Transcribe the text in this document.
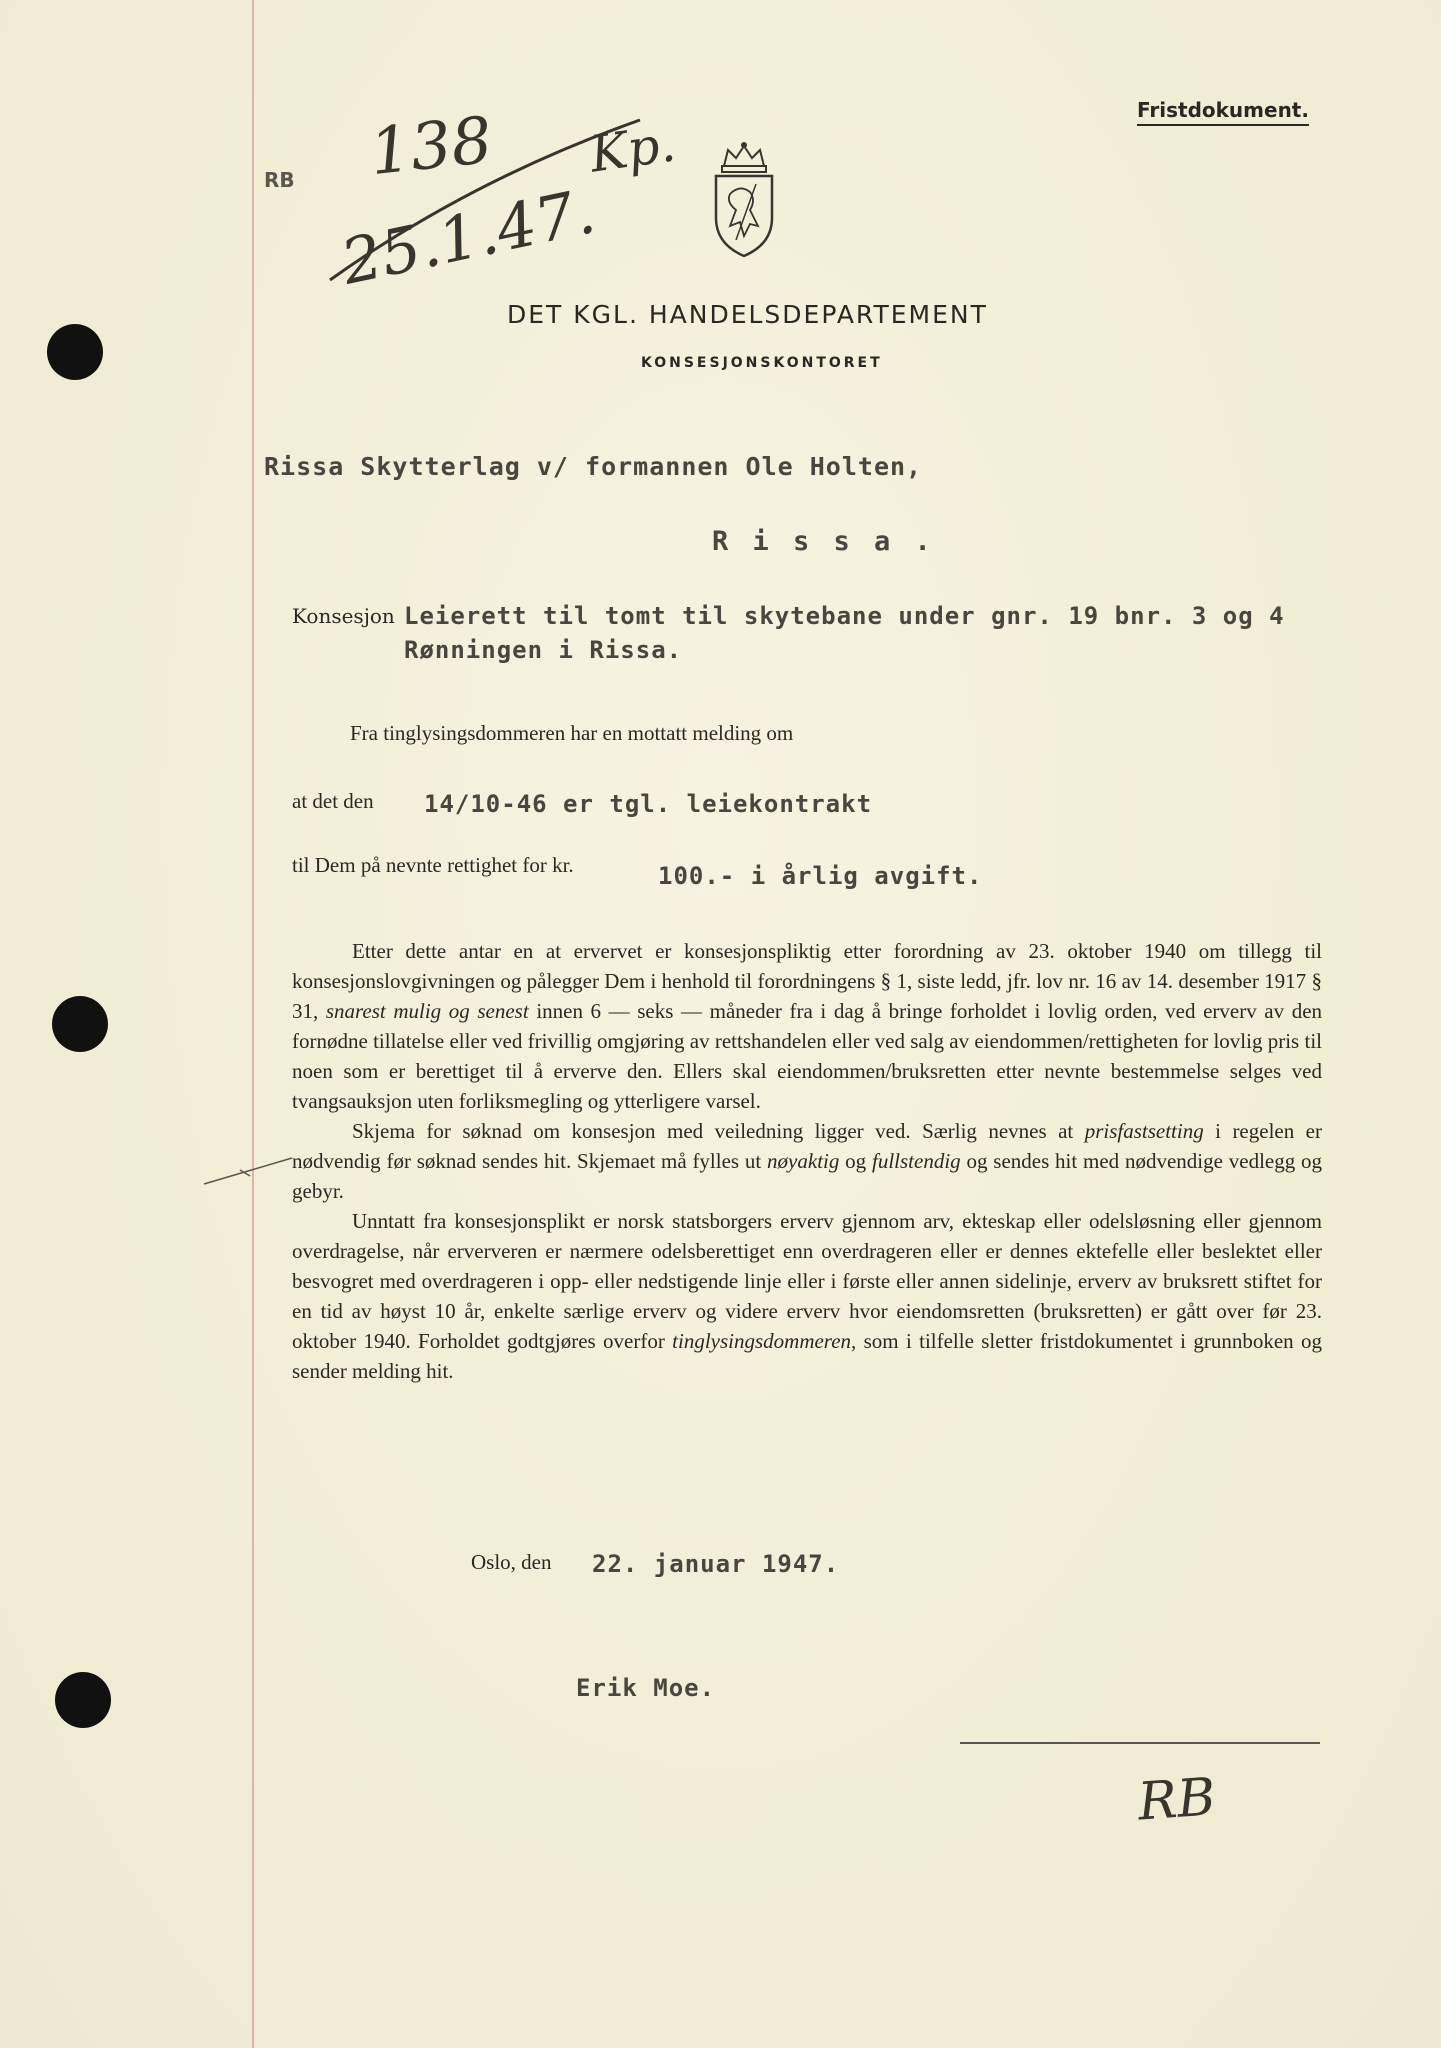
RB 138
25.1.47.
Kp.
Fristdokument.
DET KGL. HANDELSDEPARTEMENT
KONSESJONSKONTORET
Rissa Skytterlag v/ formannen Ole Holten,
R i s s a .
Konsesjon Leierett til tomt til skytebane under gnr. 19 bnr. 3 og 4
Rønningen i Rissa.
Fra tinglysingsdommeren har en mottatt melding om
at det den 14/10-46 er tgl. leiekontrakt
til Dem på nevnte rettighet for kr.	100.- i årlig avgift.

Etter dette antar en at ervervet er konsesjonspliktig etter forordning av 23. oktober 1940 om tillegg til konsesjonslovgivningen og pålegger Dem i henhold til forordningens § 1, siste ledd, jfr. lov nr. 16 av 14. desember 1917 § 31, snarest mulig og senest innen 6 — seks — måneder fra i dag å bringe forholdet i lovlig orden, ved erverv av den fornødne tillatelse eller ved frivillig omgjøring av rettshandelen eller ved salg av eiendommen/rettigheten for lovlig pris til noen som er berettiget til å erverve den. Ellers skal eiendommen/bruksretten etter nevnte bestemmelse selges ved tvangsauksjon uten forliksmegling og ytterligere varsel.

Skjema for søknad om konsesjon med veiledning ligger ved. Særlig nevnes at prisfastsetting i regelen er nødvendig før søknad sendes hit. Skjemaet må fylles ut nøyaktig og fullstendig og sendes hit med nødvendige vedlegg og gebyr.

Unntatt fra konsesjonsplikt er norsk statsborgers erverv gjennom arv, ekteskap eller odelsløsning eller gjennom overdragelse, når erververen er nærmere odelsberettiget enn overdrageren eller er dennes ektefelle eller beslektet eller besvogret med overdrageren i opp- eller nedstigende linje eller i første eller annen sidelinje, erverv av bruksrett stiftet for en tid av høyst 10 år, enkelte særlige erverv og videre erverv hvor eiendomsretten (bruksretten) er gått over før 23. oktober 1940. Forholdet godtgjøres overfor tinglysingsdommeren, som i tilfelle sletter fristdokumentet i grunnboken og sender melding hit.

Oslo, den 22. januar 1947.
Erik Moe.
RB
